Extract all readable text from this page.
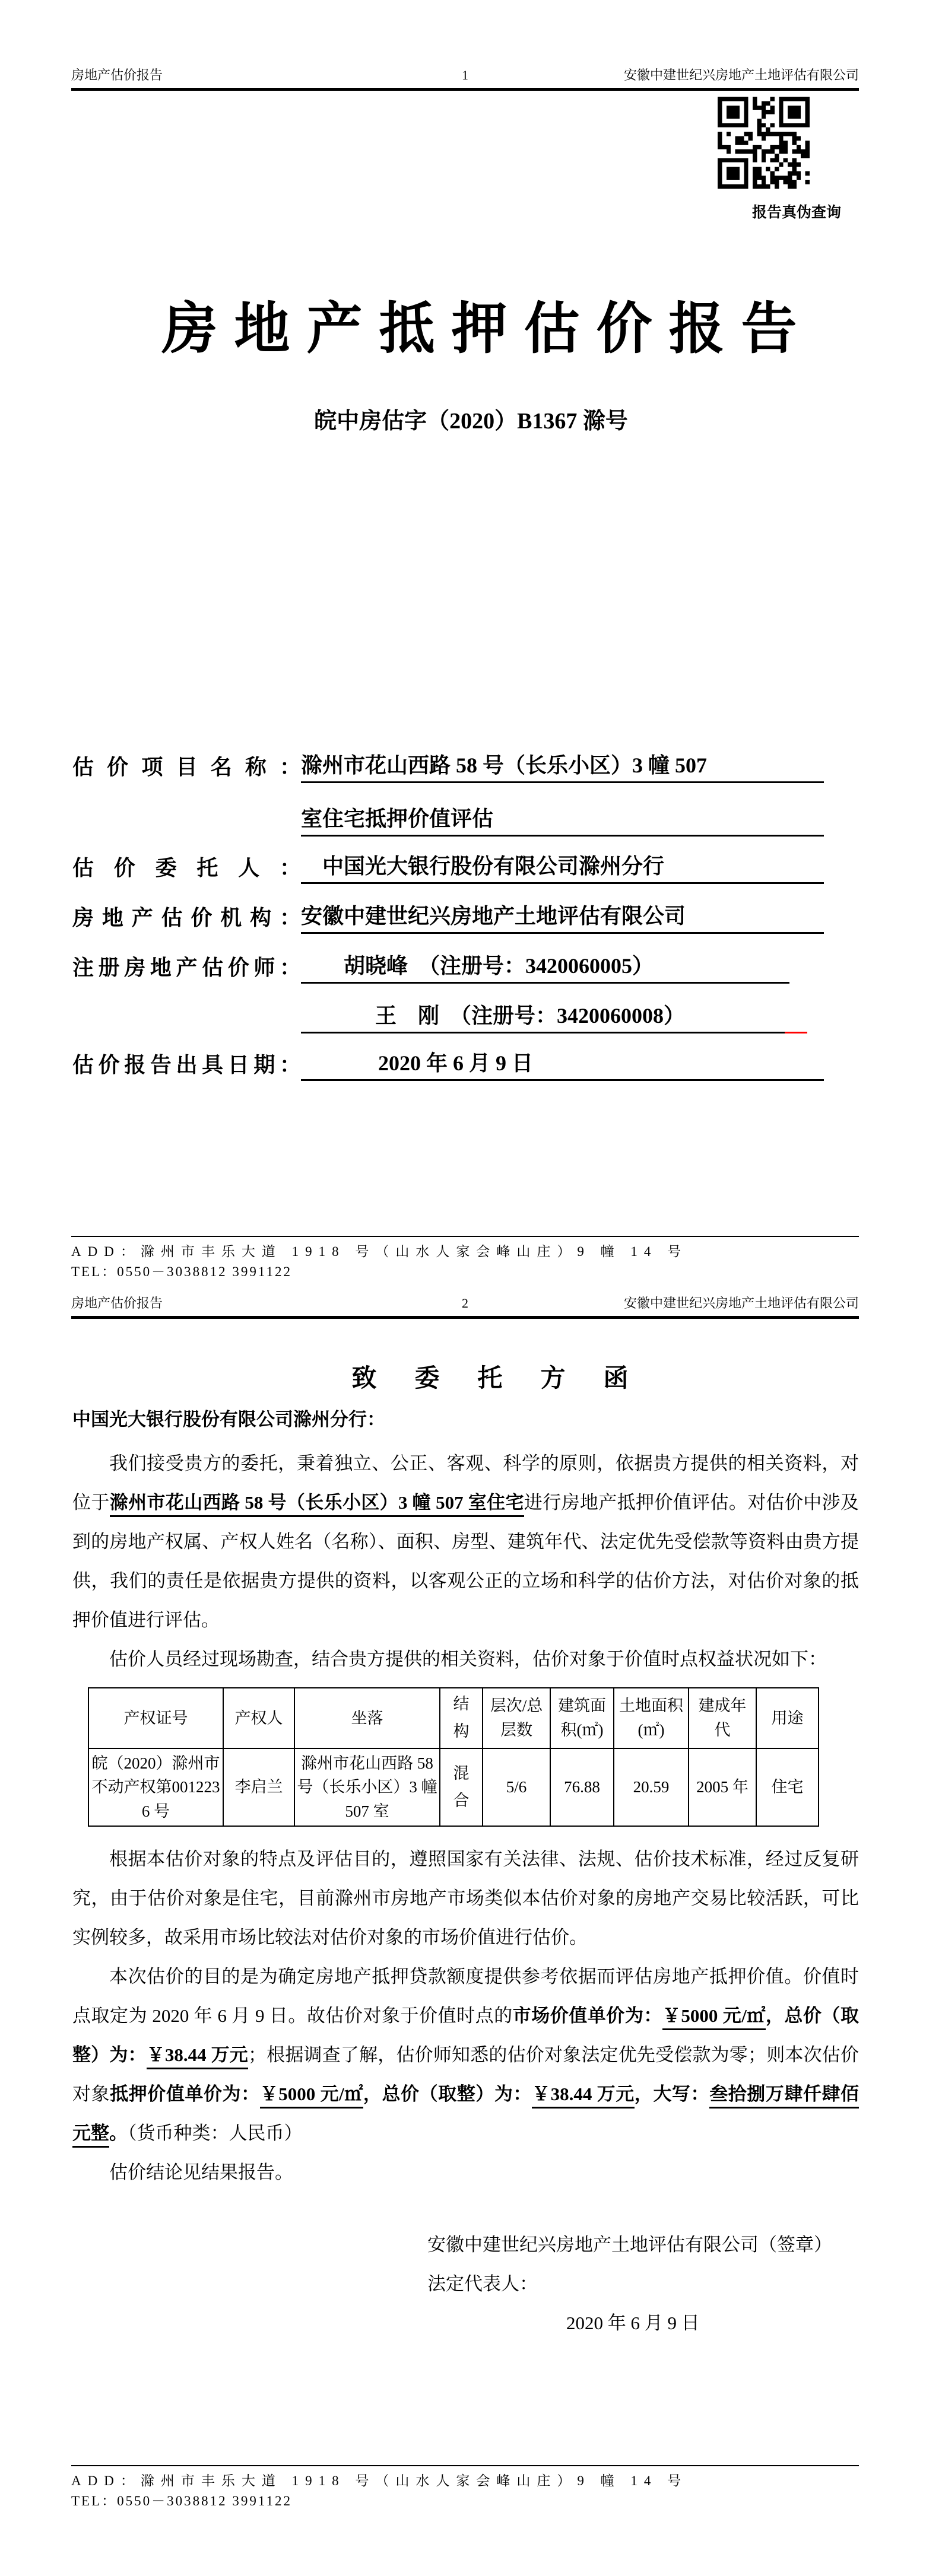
房地产估价报告	1	安徽中建世纪兴房地产土地评估有限公司
报告真伪查询
房地产抵押估价报告
皖中房估字（2020）B1367 滁号
估价项目名称： 滁州市花山西路 58 号（长乐小区）3 幢 507
室住宅抵押价值评估
估价委托人：	中国光大银行股份有限公司滁州分行
房地产估价机构： 安徽中建世纪兴房地产土地评估有限公司
注册房地产估价师：	胡晓峰　（注册号：3420060005）
王　刚　（注册号：3420060008）
估价报告出具日期：	2020 年 6 月 9 日
ADD：滁州市丰乐大道 1918 号（山水人家会峰山庄）9 幢 14 号
TEL：0550－3038812 3991122
房地产估价报告	2	安徽中建世纪兴房地产土地评估有限公司
致委托方函
中国光大银行股份有限公司滁州分行：

我们接受贵方的委托，秉着独立、公正、客观、科学的原则，依据贵方提供的相关资料，对位于滁州市花山西路 58 号（长乐小区）3 幢 507 室住宅进行房地产抵押价值评估。对估价中涉及到的房地产权属、产权人姓名（名称）、面积、房型、建筑年代、法定优先受偿款等资料由贵方提供，我们的责任是依据贵方提供的资料，以客观公正的立场和科学的估价方法，对估价对象的抵押价值进行评估。

估价人员经过现场勘查，结合贵方提供的相关资料，估价对象于价值时点权益状况如下：

产权证号	产权人	坐落	结构	层次/总层数	建筑面积(㎡)	土地面积(㎡)	建成年代	用途
皖（2020）滁州市不动产权第0012236 号	李启兰	滁州市花山西路 58 号（长乐小区）3 幢 507 室	混合	5/6	76.88	20.59	2005 年	住宅

根据本估价对象的特点及评估目的，遵照国家有关法律、法规、估价技术标准，经过反复研究，由于估价对象是住宅，目前滁州市房地产市场类似本估价对象的房地产交易比较活跃，可比实例较多，故采用市场比较法对估价对象的市场价值进行估价。

本次估价的目的是为确定房地产抵押贷款额度提供参考依据而评估房地产抵押价值。价值时点取定为 2020 年 6 月 9 日。故估价对象于价值时点的市场价值单价为：￥5000 元/㎡，总价（取整）为：￥38.44 万元；根据调查了解，估价师知悉的估价对象法定优先受偿款为零；则本次估价对象抵押价值单价为：￥5000 元/㎡，总价（取整）为：￥38.44 万元，大写：叁拾捌万肆仟肆佰元整。（货币种类：人民币）

估价结论见结果报告。

安徽中建世纪兴房地产土地评估有限公司（签章）
法定代表人：
2020 年 6 月 9 日
ADD：滁州市丰乐大道 1918 号（山水人家会峰山庄）9 幢 14 号
TEL：0550－3038812 3991122
